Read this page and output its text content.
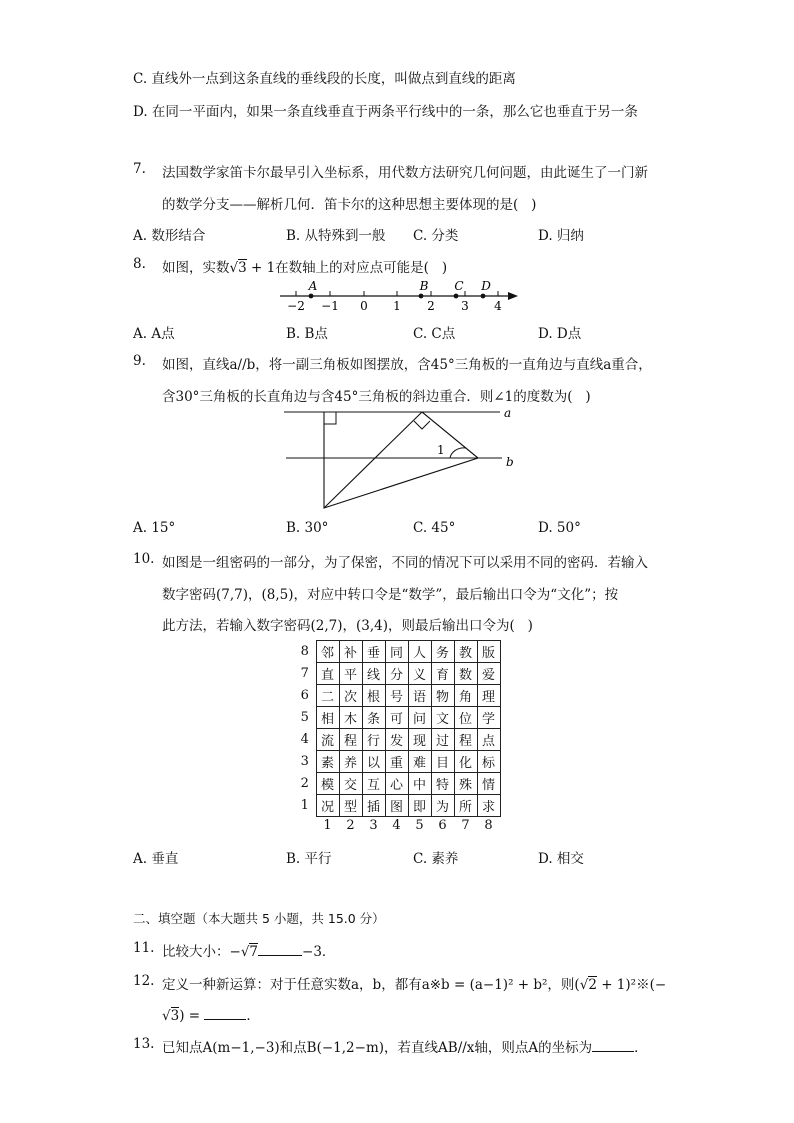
C. 直线外一点到这条直线的垂线段的长度，叫做点到直线的距离
D. 在同一平面内，如果一条直线垂直于两条平行线中的一条，那么它也垂直于另一条
7. 法国数学家笛卡尔最早引入坐标系，用代数方法研究几何问题，由此诞生了一门新
的数学分支——解析几何．笛卡尔的这种思想主要体现的是(   )
A. 数形结合	B. 从特殊到一般 C. 分类	D. 归纳
8. 如图，实数√3 + 1在数轴上的对应点可能是(   )
−2 −1 0 1 2 3 4
A	B C D
A. A点	B. B点	C. C点	D. D点
9. 如图，直线a//b，将一副三角板如图摆放，含45°三角板的一直角边与直线a重合，
含30°三角板的长直角边与含45°三角板的斜边重合．则∠1的度数为(   )
a
b
1
A. 15°	B. 30°	C. 45°	D. 50°
10. 如图是一组密码的一部分，为了保密，不同的情况下可以采用不同的密码．若输入
数字密码(7,7)，(8,5)，对应中转口令是“数学”，最后输出口令为“文化”；按
此方法，若输入数字密码(2,7)，(3,4)，则最后输出口令为(   )
8	邻	补	垂	同	人	务	教	版
7	直	平	线	分	义	育	数	爱
6	二	次	根	号	语	物	角	理
5	相	木	条	可	问	文	位	学
4	流	程	行	发	现	过	程	点
3	素	养	以	重	难	目	化	标
2	模	交	互	心	中	特	殊	情
1	况	型	插	图	即	为	所	求
	1	2	3	4	5	6	7	8
A. 垂直	B. 平行	C. 素养	D. 相交
二、填空题（本大题共 5 小题，共 15.0 分）
11. 比较大小：−√7	−3．
12. 定义一种新运算：对于任意实数a，b，都有a※b = (a−1)² + b²，则(√2 + 1)²※(−
√3) =	．
13. 已知点A(m−1,−3)和点B(−1,2−m)，若直线AB//x轴，则点A的坐标为	．
